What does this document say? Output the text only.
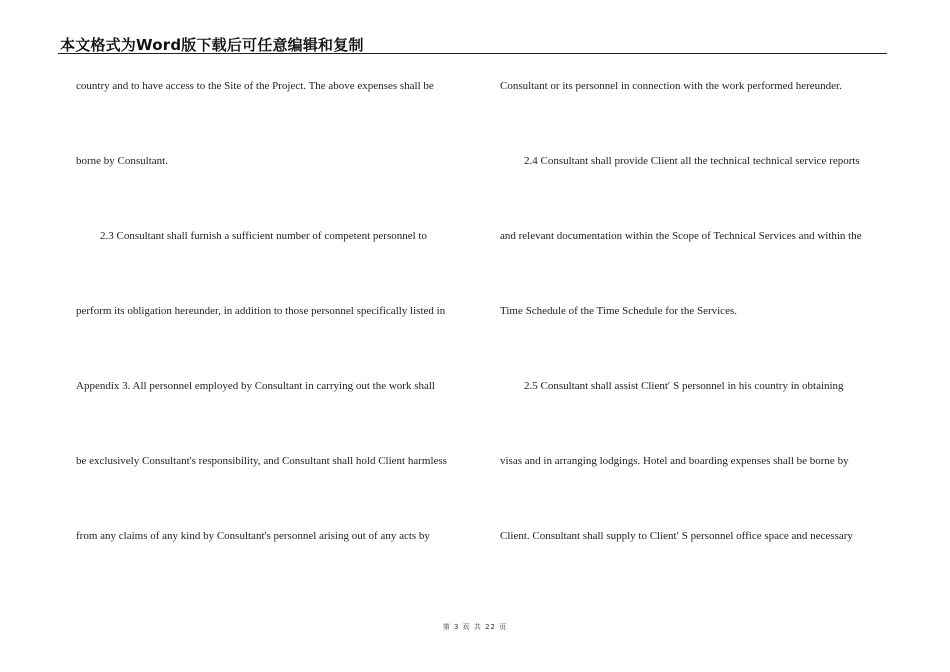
本文格式为Word版下载后可任意编辑和复制
country and to have access to the Site of the Project. The above expenses shall be
borne by Consultant.
2.3 Consultant shall furnish a sufficient number of competent personnel to
perform its obligation hereunder, in addition to those personnel specifically listed in
Appendix 3. All personnel employed by Consultant in carrying out the work shall
be exclusively Consultant's responsibility, and Consultant shall hold Client harmless
from any claims of any kind by Consultant's personnel arising out of any acts by
Consultant or its personnel in connection with the work performed hereunder.
2.4 Consultant shall provide Client all the technical technical service reports
and relevant documentation within the Scope of Technical Services and within the
Time Schedule of the Time Schedule for the Services.
2.5 Consultant shall assist Client′ S personnel in his country in obtaining
visas and in arranging lodgings. Hotel and boarding expenses shall be borne by
Client. Consultant shall supply to Client′ S personnel office space and necessary
第 3 页 共 22 页
